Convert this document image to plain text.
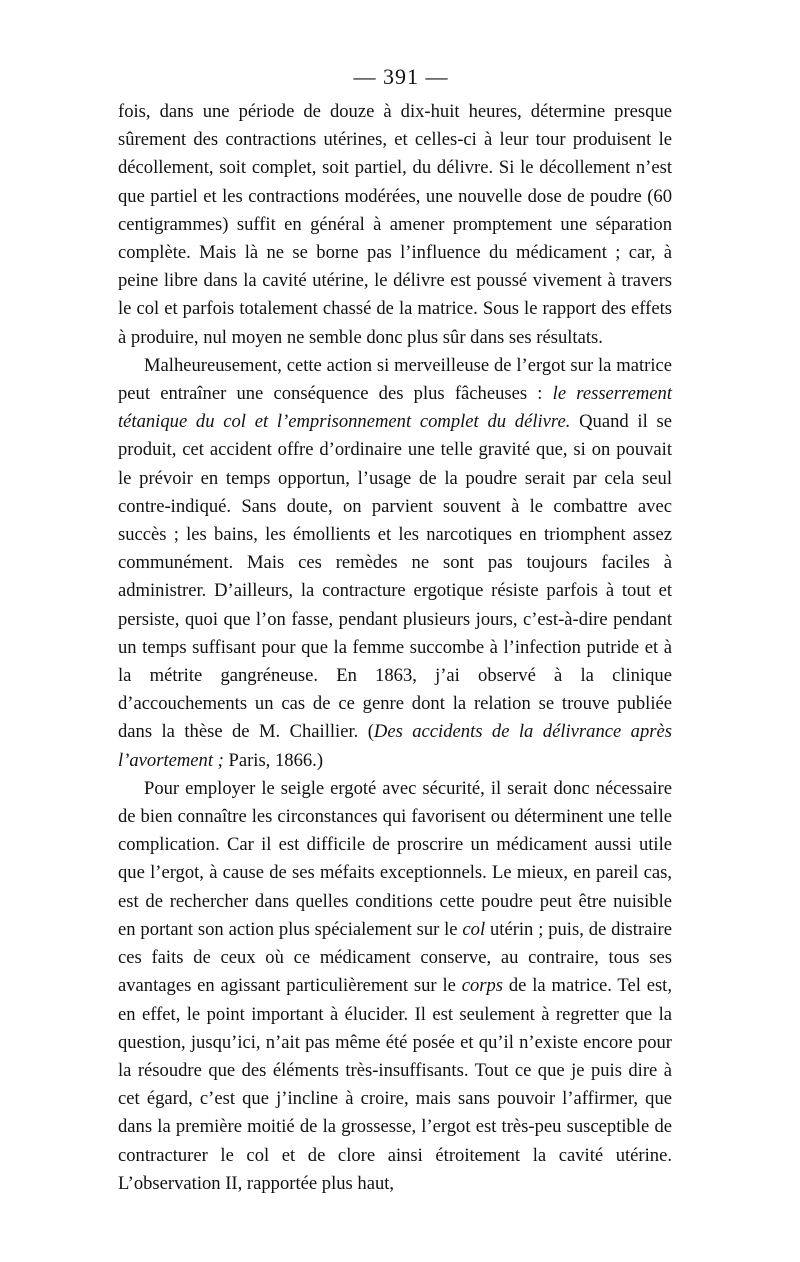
— 391 —

fois, dans une période de douze à dix-huit heures, détermine presque sûrement des contractions utérines, et celles-ci à leur tour produisent le décollement, soit complet, soit partiel, du délivre. Si le décollement n’est que partiel et les contractions modérées, une nouvelle dose de poudre (60 centigrammes) suffit en général à amener promptement une séparation complète. Mais là ne se borne pas l’influence du médicament ; car, à peine libre dans la cavité utérine, le délivre est poussé vivement à travers le col et parfois totalement chassé de la matrice. Sous le rapport des effets à produire, nul moyen ne semble donc plus sûr dans ses résultats.

Malheureusement, cette action si merveilleuse de l’ergot sur la matrice peut entraîner une conséquence des plus fâcheuses : le resserrement tétanique du col et l’emprisonnement complet du délivre. Quand il se produit, cet accident offre d’ordinaire une telle gravité que, si on pouvait le prévoir en temps opportun, l’usage de la poudre serait par cela seul contre-indiqué. Sans doute, on parvient souvent à le combattre avec succès ; les bains, les émollients et les narcotiques en triomphent assez communément. Mais ces remèdes ne sont pas toujours faciles à administrer. D’ailleurs, la contracture ergotique résiste parfois à tout et persiste, quoi que l’on fasse, pendant plusieurs jours, c’est-à-dire pendant un temps suffisant pour que la femme succombe à l’infection putride et à la métrite gangréneuse. En 1863, j’ai observé à la clinique d’accouchements un cas de ce genre dont la relation se trouve publiée dans la thèse de M. Chaillier. (Des accidents de la délivrance après l’avortement ; Paris, 1866.)

Pour employer le seigle ergoté avec sécurité, il serait donc nécessaire de bien connaître les circonstances qui favorisent ou déterminent une telle complication. Car il est difficile de proscrire un médicament aussi utile que l’ergot, à cause de ses méfaits exceptionnels. Le mieux, en pareil cas, est de rechercher dans quelles conditions cette poudre peut être nuisible en portant son action plus spécialement sur le col utérin ; puis, de distraire ces faits de ceux où ce médicament conserve, au contraire, tous ses avantages en agissant particulièrement sur le corps de la matrice. Tel est, en effet, le point important à élucider. Il est seulement à regretter que la question, jusqu’ici, n’ait pas même été posée et qu’il n’existe encore pour la résoudre que des éléments très-insuffisants. Tout ce que je puis dire à cet égard, c’est que j’incline à croire, mais sans pouvoir l’affirmer, que dans la première moitié de la grossesse, l’ergot est très-peu susceptible de contracturer le col et de clore ainsi étroitement la cavité utérine. L’observation II, rapportée plus haut,
